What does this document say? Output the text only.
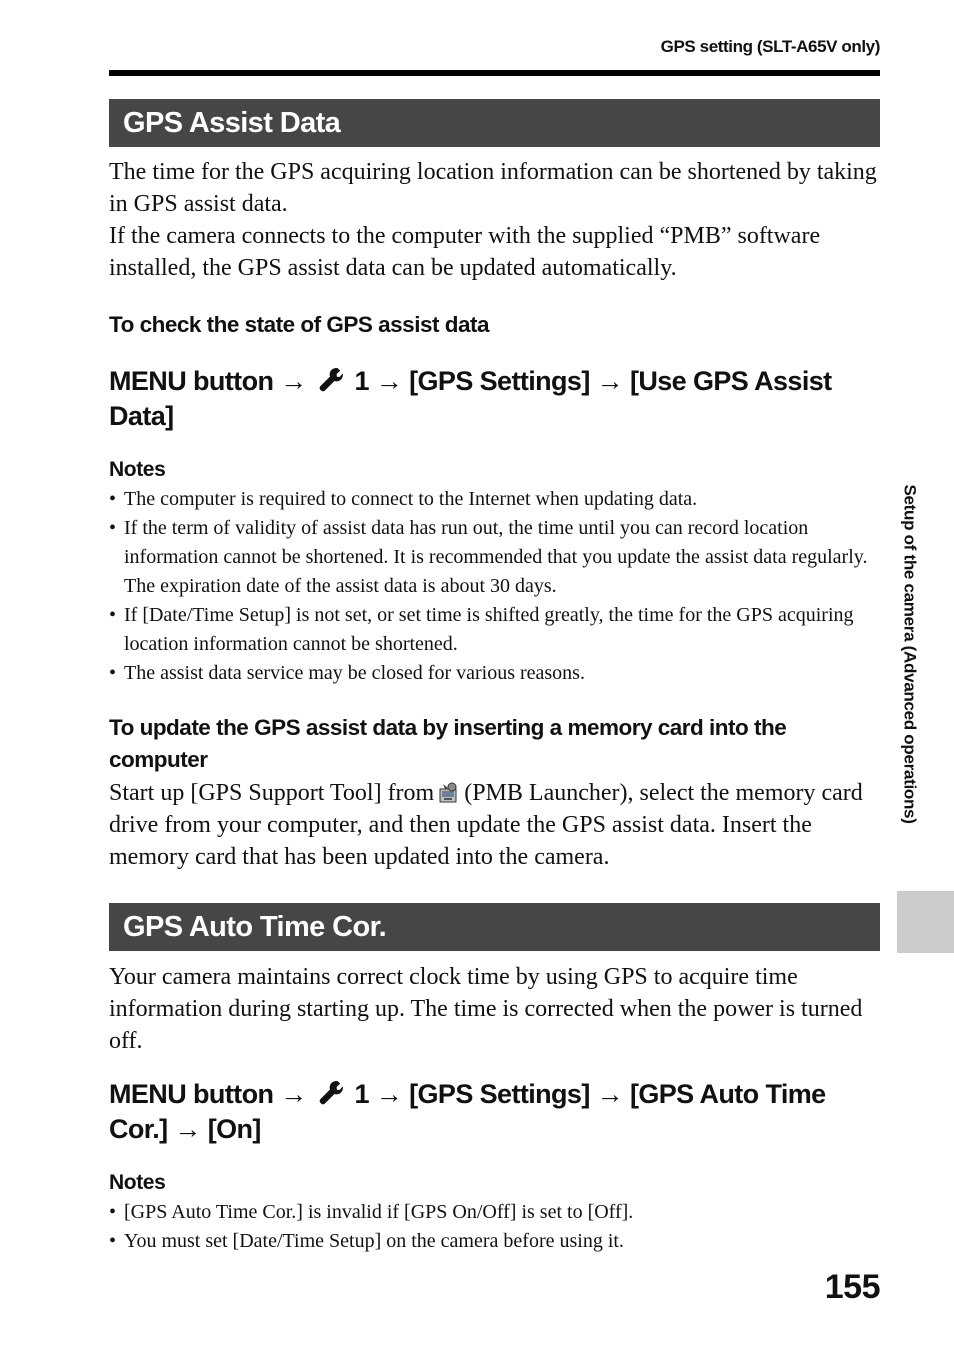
GPS setting (SLT-A65V only)
GPS Assist Data

The time for the GPS acquiring location information can be shortened by taking in GPS assist data.

If the camera connects to the computer with the supplied “PMB” software installed, the GPS assist data can be updated automatically.

To check the state of GPS assist data
MENU button → 1 → [GPS Settings] → [Use GPS Assist Data]
Notes
• The computer is required to connect to the Internet when updating data.
• If the term of validity of assist data has run out, the time until you can record location information cannot be shortened. It is recommended that you update the assist data regularly. The expiration date of the assist data is about 30 days.
• If [Date/Time Setup] is not set, or set time is shifted greatly, the time for the GPS acquiring location information cannot be shortened.
• The assist data service may be closed for various reasons.
To update the GPS assist data by inserting a memory card into the computer

Start up [GPS Support Tool] from (PMB Launcher), select the memory card drive from your computer, and then update the GPS assist data. Insert the memory card that has been updated into the camera.

GPS Auto Time Cor.

Your camera maintains correct clock time by using GPS to acquire time information during starting up. The time is corrected when the power is turned off.

MENU button → 1 → [GPS Settings] → [GPS Auto Time Cor.] → [On]
Notes
• [GPS Auto Time Cor.] is invalid if [GPS On/Off] is set to [Off].
• You must set [Date/Time Setup] on the camera before using it.
Setup of the camera (Advanced operations)
155
